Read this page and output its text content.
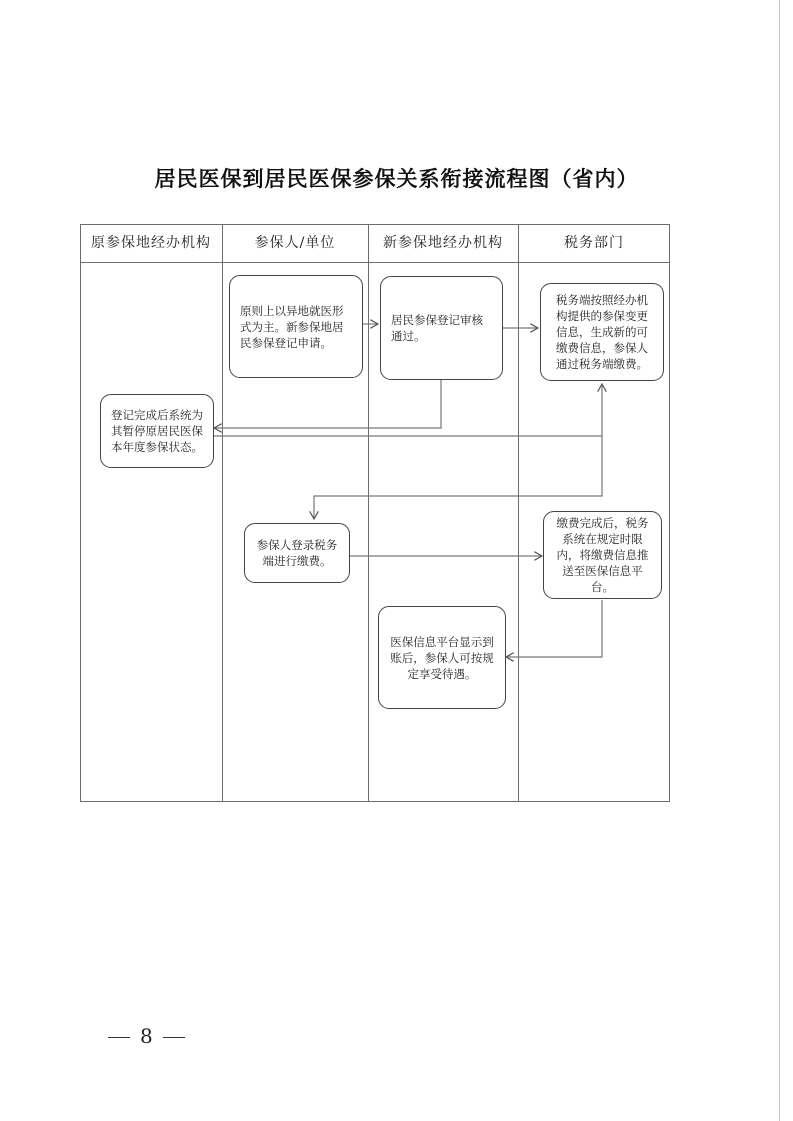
居民医保到居民医保参保关系衔接流程图（省内）
原参保地经办机构	参保人/单位	新参保地经办机构	税务部门
原则上以异地就医形式为主。新参保地居民参保登记申请。
居民参保登记审核通过。
税务端按照经办机构提供的参保变更信息，生成新的可缴费信息，参保人通过税务端缴费。
登记完成后系统为其暂停原居民医保本年度参保状态。
参保人登录税务端进行缴费。
缴费完成后，税务系统在规定时限内，将缴费信息推送至医保信息平台。
医保信息平台显示到账后，参保人可按规定享受待遇。
8
